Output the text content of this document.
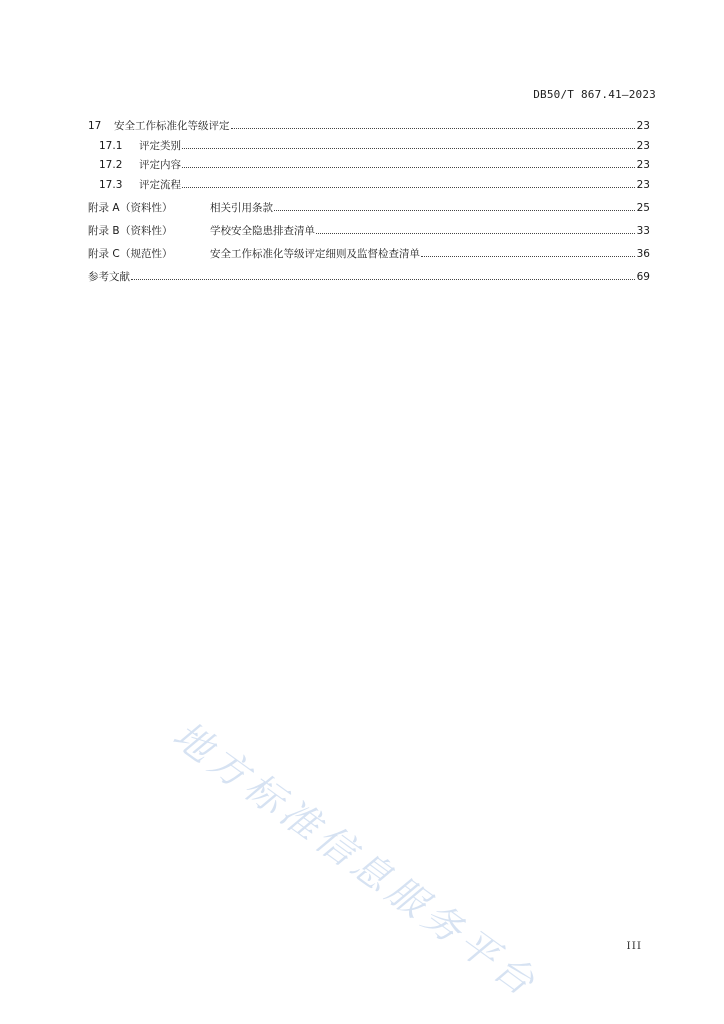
DB50/T 867.41—2023
17	安全工作标准化等级评定	23
17.1	评定类别	23
17.2	评定内容	23
17.3	评定流程	23
附录 A （资料性）	相关引用条款	25
附录 B （资料性）	学校安全隐患排查清单	33
附录 C （规范性）	安全工作标准化等级评定细则及监督检查清单	36
参考文献	69
地方标准信息服务平台	III
